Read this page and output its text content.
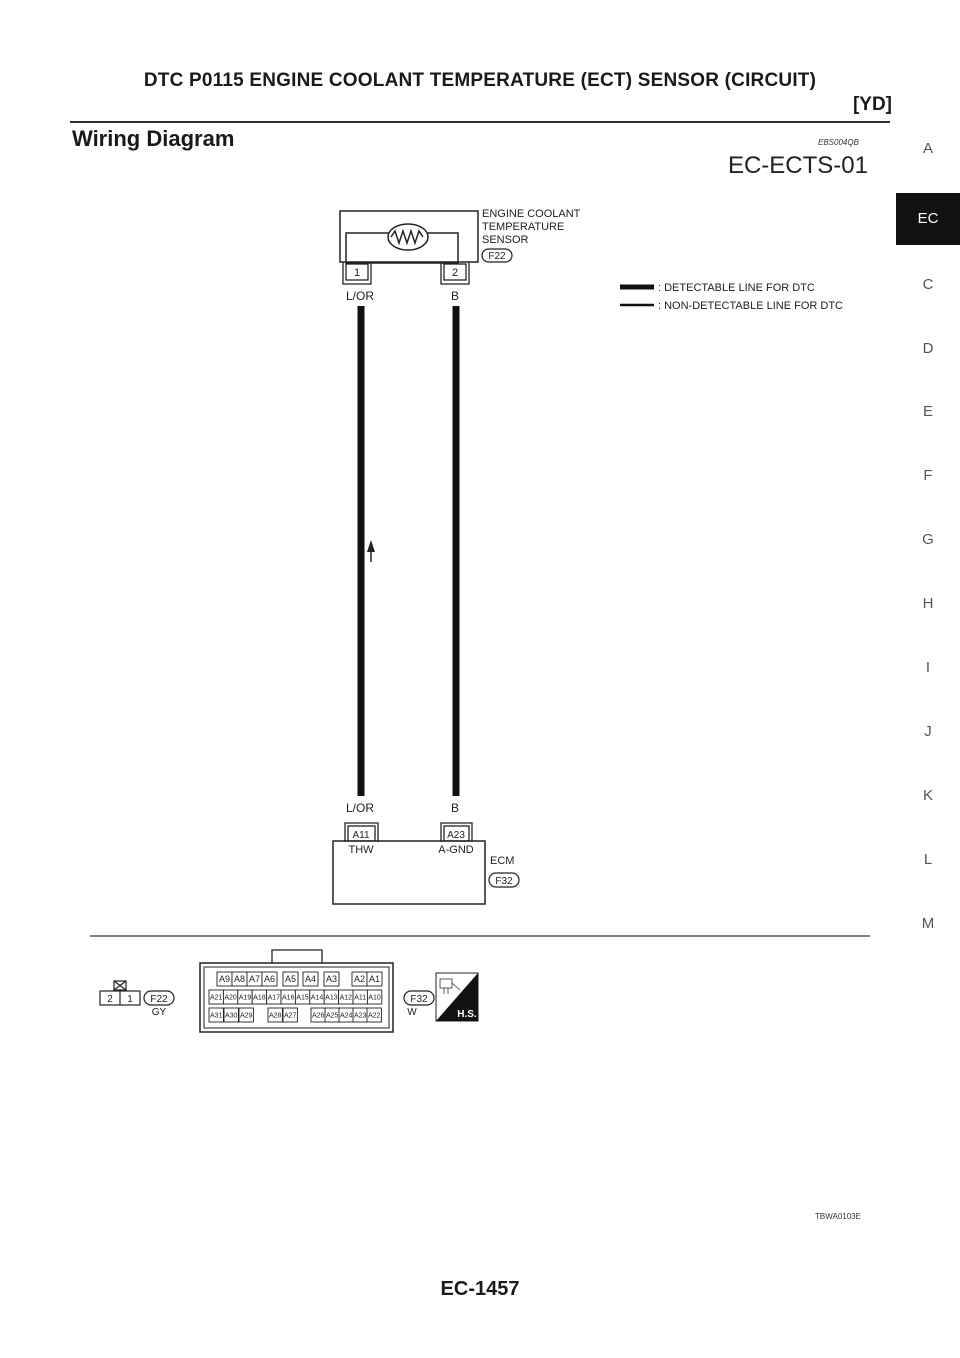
DTC P0115 ENGINE COOLANT TEMPERATURE (ECT) SENSOR (CIRCUIT)
[YD]
Wiring Diagram	EBS004QB
EC-ECTS-01
A
EC
C
D
E
F
G
H
I
J
K
L
M
ENGINE COOLANT
TEMPERATURE
SENSOR
F22
1	2
L/OR	B
: DETECTABLE LINE FOR DTC
: NON-DETECTABLE LINE FOR DTC
L/OR	B
A11	A23
THW	A-GND
ECM
F32
2 1 F22
GY
A9 A8 A7 A6 A5 A4 A3 A2 A1
A21 A20 A19 A18 A17 A16 A15 A14 A13 A12 A11 A10
A31 A30 A29 A28 A27 A26 A25 A24 A23 A22
F32
W	H.S.
TBWA0103E
EC-1457
